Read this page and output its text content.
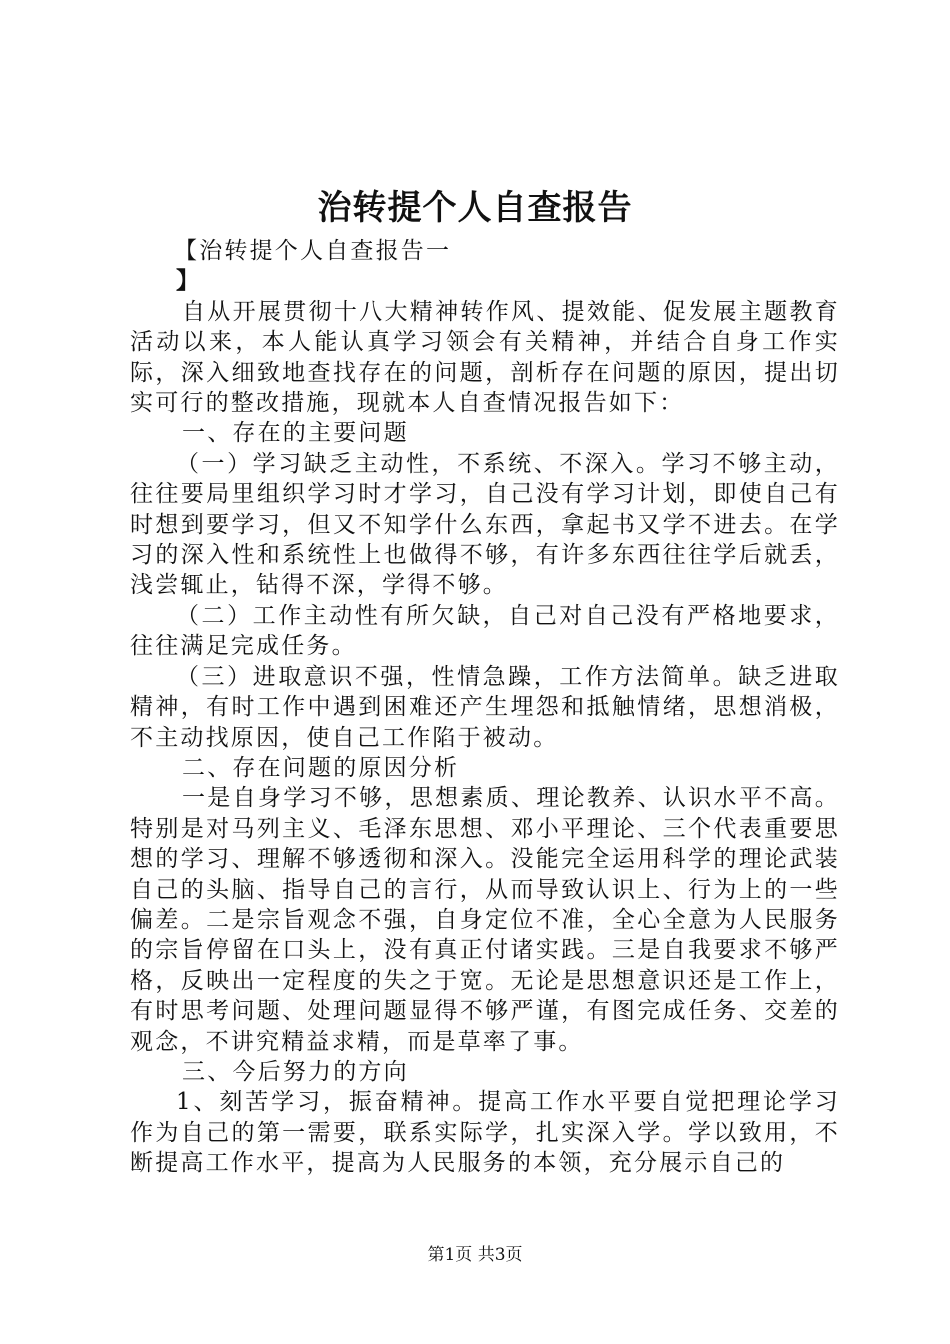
治转提个人自查报告

【治转提个人自查报告一

】

自从开展贯彻十八大精神转作风、提效能、促发展主题教育活动以来，本人能认真学习领会有关精神，并结合自身工作实际，深入细致地查找存在的问题，剖析存在问题的原因，提出切实可行的整改措施，现就本人自查情况报告如下：

一、存在的主要问题

（一）学习缺乏主动性，不系统、不深入。学习不够主动，往往要局里组织学习时才学习，自己没有学习计划，即使自己有时想到要学习，但又不知学什么东西，拿起书又学不进去。在学习的深入性和系统性上也做得不够，有许多东西往往学后就丢，浅尝辄止，钻得不深，学得不够。

（二）工作主动性有所欠缺，自己对自己没有严格地要求，往往满足完成任务。

（三）进取意识不强，性情急躁，工作方法简单。缺乏进取精神，有时工作中遇到困难还产生埋怨和抵触情绪，思想消极，不主动找原因，使自己工作陷于被动。

二、存在问题的原因分析

一是自身学习不够，思想素质、理论教养、认识水平不高。特别是对马列主义、毛泽东思想、邓小平理论、三个代表重要思想的学习、理解不够透彻和深入。没能完全运用科学的理论武装自己的头脑、指导自己的言行，从而导致认识上、行为上的一些偏差。二是宗旨观念不强，自身定位不准，全心全意为人民服务的宗旨停留在口头上，没有真正付诸实践。三是自我要求不够严格，反映出一定程度的失之于宽。无论是思想意识还是工作上，有时思考问题、处理问题显得不够严谨，有图完成任务、交差的观念，不讲究精益求精，而是草率了事。

三、今后努力的方向

1、刻苦学习，振奋精神。提高工作水平要自觉把理论学习作为自己的第一需要，联系实际学，扎实深入学。学以致用，不断提高工作水平，提高为人民服务的本领，充分展示自己的

第1页 共3页
